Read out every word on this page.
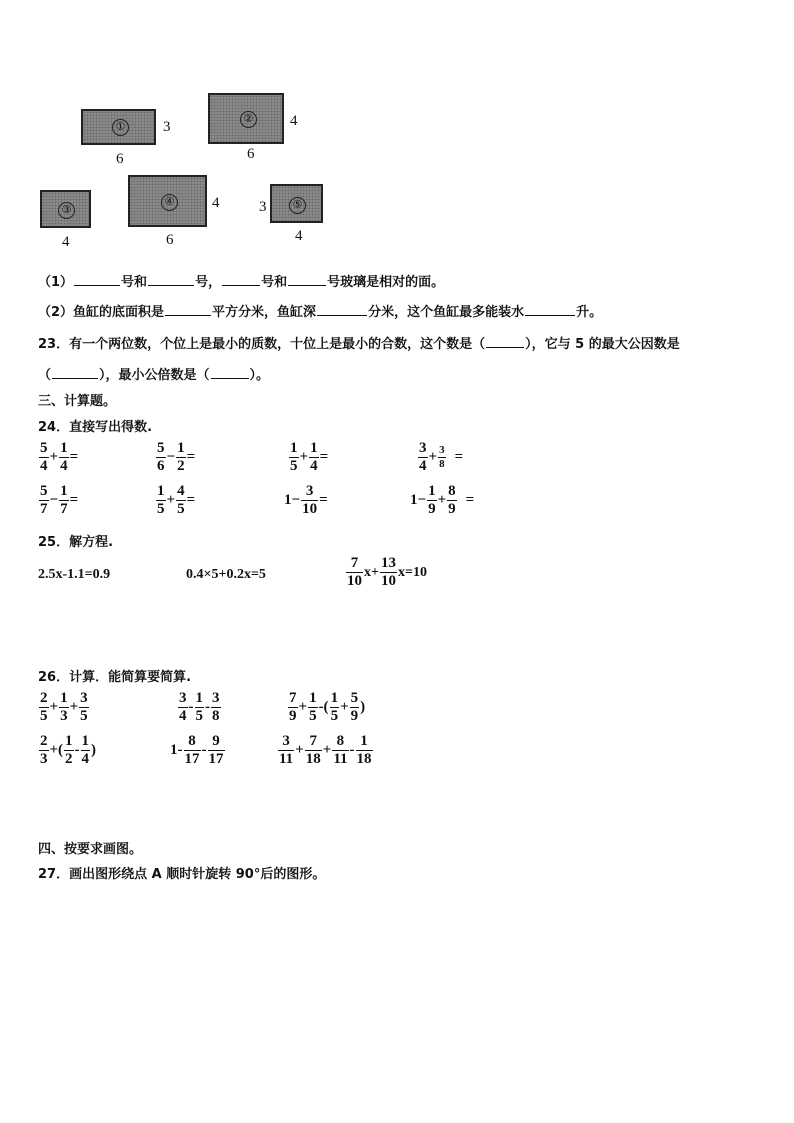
①	3
6
② 4
6
③
4
④	4
6
⑤
3
4
（1）	号和	号，	号和	号玻璃是相对的面。
（2）鱼缸的底面积是	平方分米，鱼缸深	分米，这个鱼缸最多能装水	升。
23．有一个两位数，个位上是最小的质数，十位上是最小的合数，这个数是（	），它与 5 的最大公因数是
（	），最小公倍数是（	）。
三、计算题。
24．直接写出得数.
$\frac{5}{4} + \frac{1}{4}$ =	$\frac{5}{6} - \frac{1}{2}$ =	$\frac{1}{5} + \frac{1}{4}$ =	$\frac{3}{4} + \frac{3}{8}$ =
$\frac{5}{7} - \frac{1}{7}$ =	$\frac{1}{5} + \frac{4}{5}$ =	$1- \frac{3}{10}$ =	$1- \frac{1}{9} + \frac{8}{9}$ =
25．解方程.
2.5x-1.1=0.9	0.4×5+0.2x=5	$\frac{7}{10} x+ \frac{13}{10} x=10$
26．计算．能简算要简算.
$\frac{2}{5} + \frac{1}{3} + \frac{3}{5}$	$\frac{3}{4} - \frac{1}{5} - \frac{3}{8}$	$\frac{7}{9} + \frac{1}{5}$ -( $\frac{1}{5} + \frac{5}{9}$ )
$\frac{2}{3}$ +( $\frac{1}{2} - \frac{1}{4}$ )	$1- \frac{8}{17} - \frac{9}{17}$	$\frac{3}{11} + \frac{7}{18} + \frac{8}{11} - \frac{1}{18}$
四、按要求画图。
27．画出图形绕点 A 顺时针旋转 90°后的图形。
